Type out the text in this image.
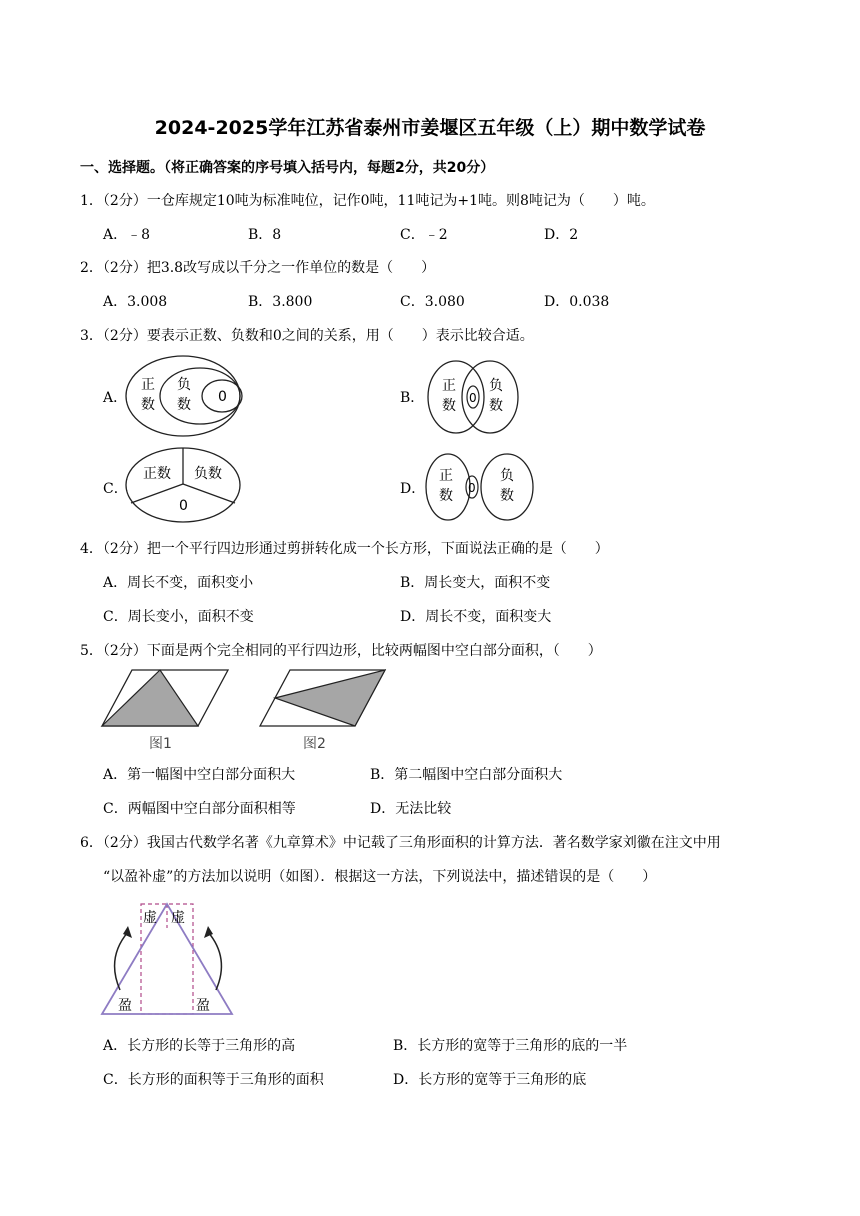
2024-2025学年江苏省泰州市姜堰区五年级（上）期中数学试卷
一、选择题。（将正确答案的序号填入括号内，每题2分，共20分）
1．（2分）一仓库规定10吨为标准吨位，记作0吨，11吨记为+1吨。则8吨记为（　　）吨。
A．﹣8	B．8	C．﹣2	D．2
2．（2分）把3.8改写成以千分之一作单位的数是（　　）
A．3.008	B．3.800	C．3.080	D．0.038
3．（2分）要表示正数、负数和0之间的关系，用（　　）表示比较合适。
A．	B．
C．	D．
正
数
负
数 0
正
数 0
负
数
正数 负数
0
正
数 0
负
数
4．（2分）把一个平行四边形通过剪拼转化成一个长方形，下面说法正确的是（　　）
A．周长不变，面积变小	B．周长变大，面积不变
C．周长变小，面积不变	D．周长不变，面积变大
5．（2分）下面是两个完全相同的平行四边形，比较两幅图中空白部分面积，（　　）
图1	图2
A．第一幅图中空白部分面积大	B．第二幅图中空白部分面积大
C．两幅图中空白部分面积相等	D．无法比较
6．（2分）我国古代数学名著《九章算术》中记载了三角形面积的计算方法．著名数学家刘徽在注文中用
“以盈补虚”的方法加以说明（如图）．根据这一方法，下列说法中，描述错误的是（　　）
虚 虚
盈	盈
A．长方形的长等于三角形的高	B．长方形的宽等于三角形的底的一半
C．长方形的面积等于三角形的面积	D．长方形的宽等于三角形的底
